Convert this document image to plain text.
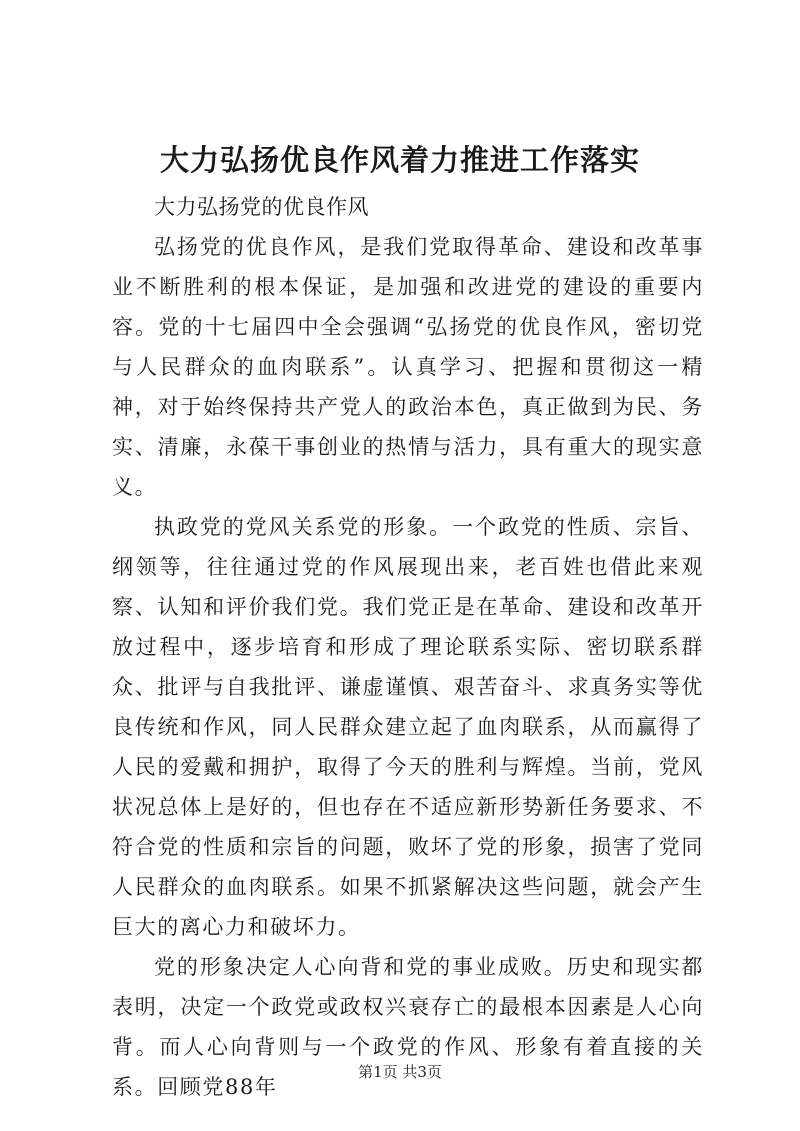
大力弘扬优良作风着力推进工作落实

大力弘扬党的优良作风

弘扬党的优良作风，是我们党取得革命、建设和改革事业不断胜利的根本保证，是加强和改进党的建设的重要内容。党的十七届四中全会强调“弘扬党的优良作风，密切党与人民群众的血肉联系”。认真学习、把握和贯彻这一精神，对于始终保持共产党人的政治本色，真正做到为民、务实、清廉，永葆干事创业的热情与活力，具有重大的现实意义。

执政党的党风关系党的形象。一个政党的性质、宗旨、纲领等，往往通过党的作风展现出来，老百姓也借此来观察、认知和评价我们党。我们党正是在革命、建设和改革开放过程中，逐步培育和形成了理论联系实际、密切联系群众、批评与自我批评、谦虚谨慎、艰苦奋斗、求真务实等优良传统和作风，同人民群众建立起了血肉联系，从而赢得了人民的爱戴和拥护，取得了今天的胜利与辉煌。当前，党风状况总体上是好的，但也存在不适应新形势新任务要求、不符合党的性质和宗旨的问题，败坏了党的形象，损害了党同人民群众的血肉联系。如果不抓紧解决这些问题，就会产生巨大的离心力和破坏力。

党的形象决定人心向背和党的事业成败。历史和现实都表明，决定一个政党或政权兴衰存亡的最根本因素是人心向背。而人心向背则与一个政党的作风、形象有着直接的关系。回顾党88年

第1页 共3页
